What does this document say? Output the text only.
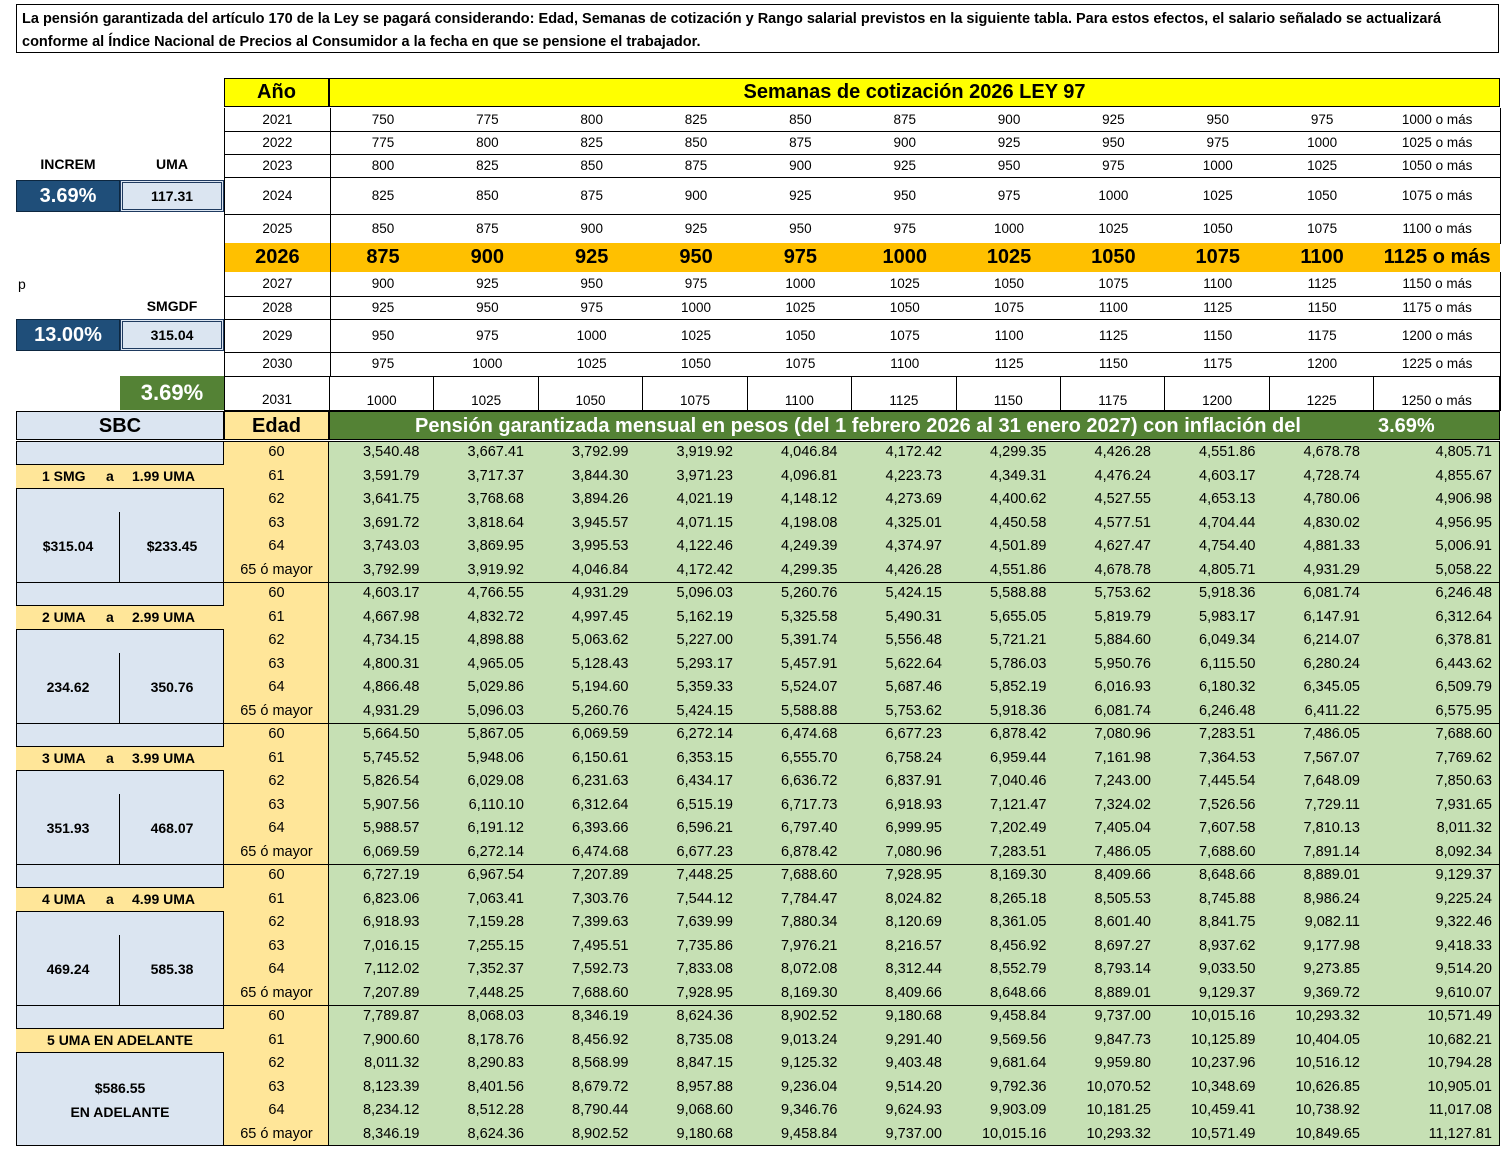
La pensión garantizada del artículo 170 de la Ley se pagará considerando: Edad, Semanas de cotización y Rango salarial previstos en la siguiente tabla. Para estos efectos, el salario señalado se actualizará conforme al Índice Nacional de Precios al Consumidor a la fecha en que se pensione el trabajador.
Año	Semanas de cotización 2026 LEY 97
INCREM	UMA
3.69%	117.31
p
SMGDF
13.00%	315.04
3.69%
2021	750	775	800	825	850	875	900	925	950	975	1000 o más
2022	775	800	825	850	875	900	925	950	975	1000	1025 o más
2023	800	825	850	875	900	925	950	975	1000	1025	1050 o más
2024	825	850	875	900	925	950	975	1000	1025	1050	1075 o más
2025	850	875	900	925	950	975	1000	1025	1050	1075	1100 o más
2026	875	900	925	950	975	1000	1025	1050	1075	1100	1125 o más
2027	900	925	950	975	1000	1025	1050	1075	1100	1125	1150 o más
2028	925	950	975	1000	1025	1050	1075	1100	1125	1150	1175 o más
2029	950	975	1000	1025	1050	1075	1100	1125	1150	1175	1200 o más
2030	975	1000	1025	1050	1075	1100	1125	1150	1175	1200	1225 o más
2031	1000	1025	1050	1075	1100	1125	1150	1175	1200	1225	1250 o más
SBC	Edad	Pensión garantizada mensual en pesos (del 1 febrero 2026 al 31 enero 2027) con inflación del	3.69%
1 SMG a 1.99 UMA
$315.04	$233.45
60	3,540.48	3,667.41	3,792.99	3,919.92	4,046.84	4,172.42	4,299.35	4,426.28	4,551.86	4,678.78	4,805.71
61	3,591.79	3,717.37	3,844.30	3,971.23	4,096.81	4,223.73	4,349.31	4,476.24	4,603.17	4,728.74	4,855.67
62	3,641.75	3,768.68	3,894.26	4,021.19	4,148.12	4,273.69	4,400.62	4,527.55	4,653.13	4,780.06	4,906.98
63	3,691.72	3,818.64	3,945.57	4,071.15	4,198.08	4,325.01	4,450.58	4,577.51	4,704.44	4,830.02	4,956.95
64	3,743.03	3,869.95	3,995.53	4,122.46	4,249.39	4,374.97	4,501.89	4,627.47	4,754.40	4,881.33	5,006.91
65 ó mayor	3,792.99	3,919.92	4,046.84	4,172.42	4,299.35	4,426.28	4,551.86	4,678.78	4,805.71	4,931.29	5,058.22
2 UMA a 2.99 UMA
234.62	350.76
60	4,603.17	4,766.55	4,931.29	5,096.03	5,260.76	5,424.15	5,588.88	5,753.62	5,918.36	6,081.74	6,246.48
61	4,667.98	4,832.72	4,997.45	5,162.19	5,325.58	5,490.31	5,655.05	5,819.79	5,983.17	6,147.91	6,312.64
62	4,734.15	4,898.88	5,063.62	5,227.00	5,391.74	5,556.48	5,721.21	5,884.60	6,049.34	6,214.07	6,378.81
63	4,800.31	4,965.05	5,128.43	5,293.17	5,457.91	5,622.64	5,786.03	5,950.76	6,115.50	6,280.24	6,443.62
64	4,866.48	5,029.86	5,194.60	5,359.33	5,524.07	5,687.46	5,852.19	6,016.93	6,180.32	6,345.05	6,509.79
65 ó mayor	4,931.29	5,096.03	5,260.76	5,424.15	5,588.88	5,753.62	5,918.36	6,081.74	6,246.48	6,411.22	6,575.95
3 UMA a 3.99 UMA
351.93	468.07
60	5,664.50	5,867.05	6,069.59	6,272.14	6,474.68	6,677.23	6,878.42	7,080.96	7,283.51	7,486.05	7,688.60
61	5,745.52	5,948.06	6,150.61	6,353.15	6,555.70	6,758.24	6,959.44	7,161.98	7,364.53	7,567.07	7,769.62
62	5,826.54	6,029.08	6,231.63	6,434.17	6,636.72	6,837.91	7,040.46	7,243.00	7,445.54	7,648.09	7,850.63
63	5,907.56	6,110.10	6,312.64	6,515.19	6,717.73	6,918.93	7,121.47	7,324.02	7,526.56	7,729.11	7,931.65
64	5,988.57	6,191.12	6,393.66	6,596.21	6,797.40	6,999.95	7,202.49	7,405.04	7,607.58	7,810.13	8,011.32
65 ó mayor	6,069.59	6,272.14	6,474.68	6,677.23	6,878.42	7,080.96	7,283.51	7,486.05	7,688.60	7,891.14	8,092.34
4 UMA a 4.99 UMA
469.24	585.38
60	6,727.19	6,967.54	7,207.89	7,448.25	7,688.60	7,928.95	8,169.30	8,409.66	8,648.66	8,889.01	9,129.37
61	6,823.06	7,063.41	7,303.76	7,544.12	7,784.47	8,024.82	8,265.18	8,505.53	8,745.88	8,986.24	9,225.24
62	6,918.93	7,159.28	7,399.63	7,639.99	7,880.34	8,120.69	8,361.05	8,601.40	8,841.75	9,082.11	9,322.46
63	7,016.15	7,255.15	7,495.51	7,735.86	7,976.21	8,216.57	8,456.92	8,697.27	8,937.62	9,177.98	9,418.33
64	7,112.02	7,352.37	7,592.73	7,833.08	8,072.08	8,312.44	8,552.79	8,793.14	9,033.50	9,273.85	9,514.20
65 ó mayor	7,207.89	7,448.25	7,688.60	7,928.95	8,169.30	8,409.66	8,648.66	8,889.01	9,129.37	9,369.72	9,610.07
5 UMA EN ADELANTE
$586.55
EN ADELANTE
60	7,789.87	8,068.03	8,346.19	8,624.36	8,902.52	9,180.68	9,458.84	9,737.00	10,015.16	10,293.32	10,571.49
61	7,900.60	8,178.76	8,456.92	8,735.08	9,013.24	9,291.40	9,569.56	9,847.73	10,125.89	10,404.05	10,682.21
62	8,011.32	8,290.83	8,568.99	8,847.15	9,125.32	9,403.48	9,681.64	9,959.80	10,237.96	10,516.12	10,794.28
63	8,123.39	8,401.56	8,679.72	8,957.88	9,236.04	9,514.20	9,792.36	10,070.52	10,348.69	10,626.85	10,905.01
64	8,234.12	8,512.28	8,790.44	9,068.60	9,346.76	9,624.93	9,903.09	10,181.25	10,459.41	10,738.92	11,017.08
65 ó mayor	8,346.19	8,624.36	8,902.52	9,180.68	9,458.84	9,737.00	10,015.16	10,293.32	10,571.49	10,849.65	11,127.81
